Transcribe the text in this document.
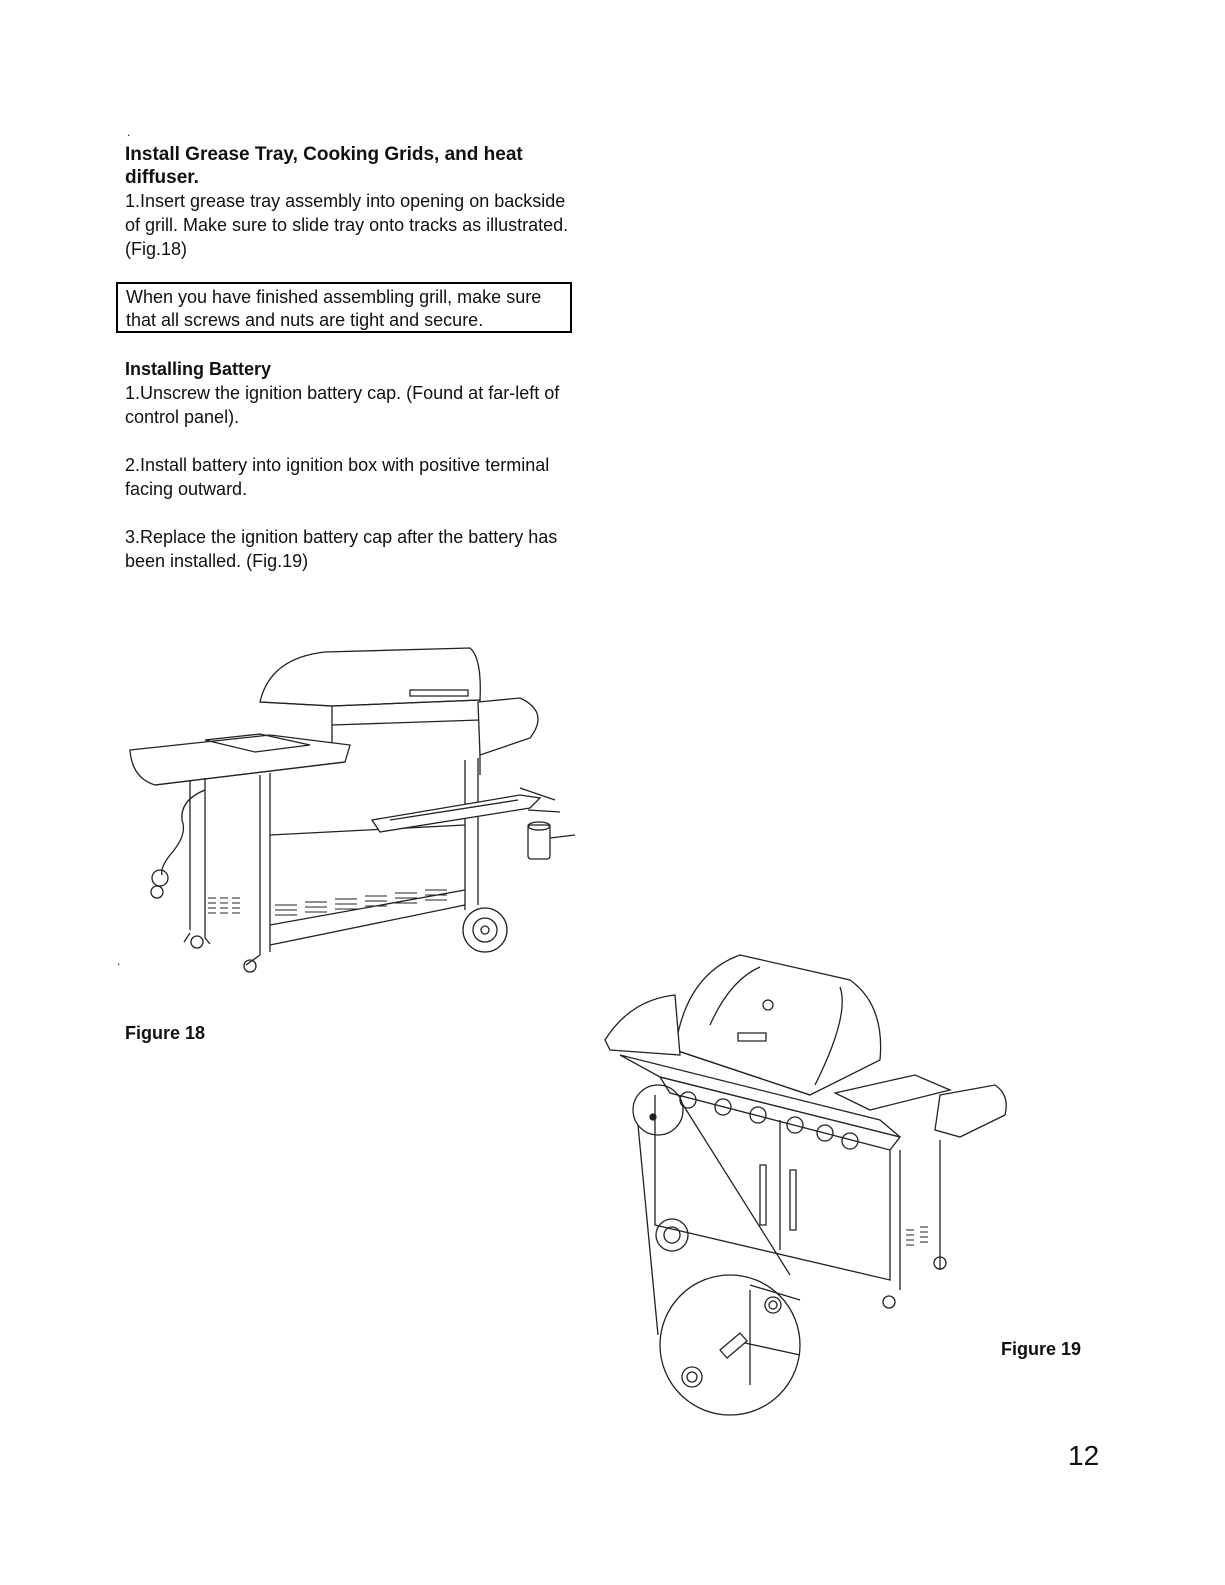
.
Install Grease Tray, Cooking Grids, and heat diffuser.
1.Insert grease tray assembly into opening on backside of grill. Make sure to slide tray onto tracks as illustrated. (Fig.18)
When you have finished assembling grill, make sure that all screws and nuts are tight and secure.
Installing Battery
1.Unscrew the ignition battery cap. (Found at far-left of control panel).
2.Install battery into ignition box with positive terminal facing outward.
3.Replace the ignition battery cap after the battery has been installed. (Fig.19)
Figure 18
.
Figure 19
12
